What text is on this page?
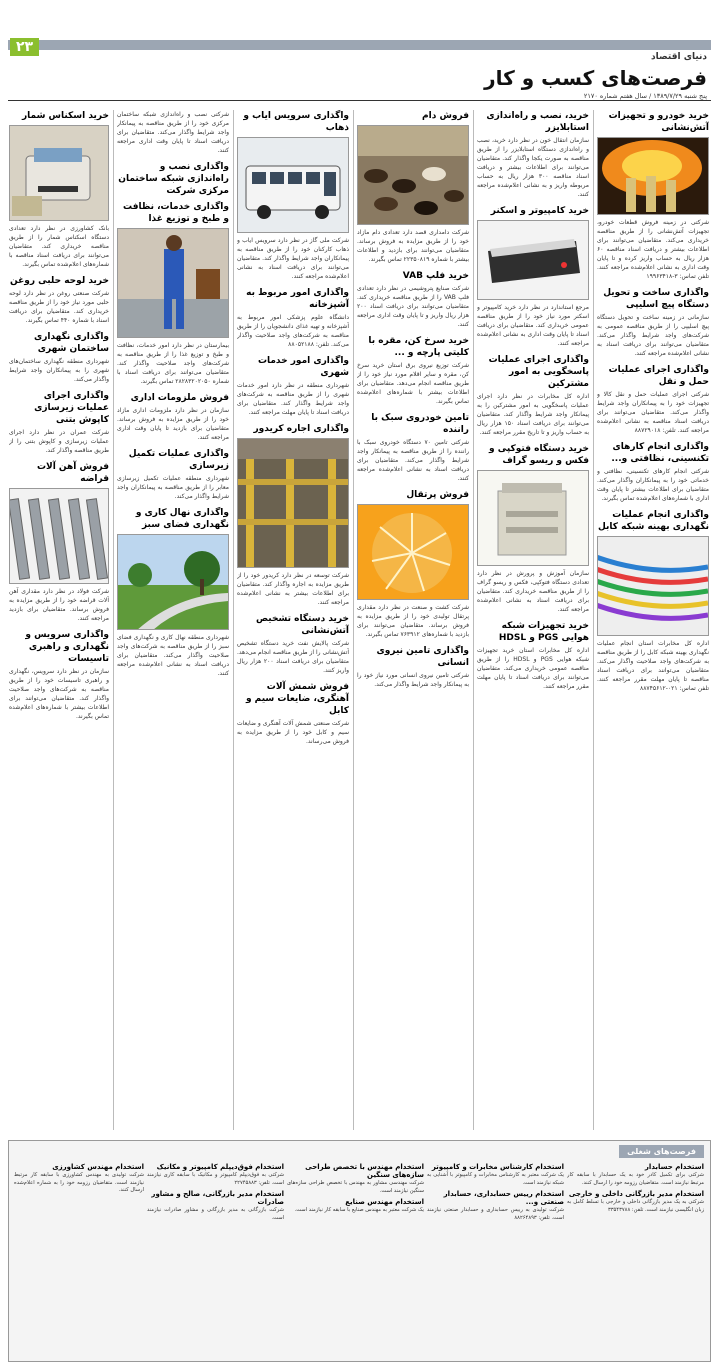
۲۳
دنیای اقتصاد
فرصت‌های کسب و کار
پنج شنبه ۱۳۸۹/۷/۲۹ / سال هفتم شماره ۲۱۷۰
خرید خودرو و تجهیزات آتش‌نشانی
شرکتی در زمینه فروش قطعات خودرو، تجهیزات آتش‌نشانی را از طریق مناقصه خریداری می‌کند. متقاضیان می‌توانند برای اطلاعات بیشتر و دریافت اسناد مناقصه ۶۰ هزار ریال به حساب واریز کرده و تا پایان وقت اداری به نشانی اعلام‌شده مراجعه کنند. تلفن تماس: ۳-۱۹۹۶۳۴۱۸
واگذاری ساخت و تحویل دستگاه پیچ اسلیپی
سازمانی در زمینه ساخت و تحویل دستگاه پیچ اسلیپی را از طریق مناقصه عمومی به شرکت‌های واجد شرایط واگذار می‌کند. متقاضیان می‌توانند برای دریافت اسناد به نشانی اعلام‌شده مراجعه کنند.
واگذاری اجرای عملیات حمل و نقل
شرکتی اجرای عملیات حمل و نقل کالا و تجهیزات خود را به پیمانکاران واجد شرایط واگذار می‌کند. متقاضیان می‌توانند برای دریافت اسناد مناقصه به نشانی اعلام‌شده مراجعه کنند. تلفن: ۸۸۷۲۹۰۱۸
واگذاری انجام کارهای تکنسینی، نظافتی و...
شرکتی انجام کارهای تکنسینی، نظافتی و خدماتی خود را به پیمانکاران واگذار می‌کند. متقاضیان برای اطلاعات بیشتر تا پایان وقت اداری با شماره‌های اعلام‌شده تماس بگیرند.
واگذاری انجام عملیات نگهداری بهینه شبکه کابل
اداره کل مخابرات استان انجام عملیات نگهداری بهینه شبکه کابل را از طریق مناقصه به شرکت‌های واجد صلاحیت واگذار می‌کند. متقاضیان می‌توانند برای دریافت اسناد مناقصه تا پایان مهلت مقرر مراجعه کنند. تلفن تماس: ۰۲۱-۸۸۷۴۵۶۱۲
خرید، نصب و راه‌اندازی استابلایزر
سازمان انتقال خون در نظر دارد خرید، نصب و راه‌اندازی دستگاه استابلایزر را از طریق مناقصه به صورت یکجا واگذار کند. متقاضیان می‌توانند برای اطلاعات بیشتر و دریافت اسناد مناقصه ۳۰۰ هزار ریال به حساب مربوطه واریز و به نشانی اعلام‌شده مراجعه کنند.
خرید کامپیوتر و اسکنر
مرجع استاندارد در نظر دارد خرید کامپیوتر و اسکنر مورد نیاز خود را از طریق مناقصه عمومی خریداری کند. متقاضیان برای دریافت اسناد تا پایان وقت اداری به نشانی اعلام‌شده مراجعه کنند.
واگذاری اجرای عملیات پاسخگویی به امور مشترکین
اداره کل مخابرات در نظر دارد اجرای عملیات پاسخگویی به امور مشترکین را به پیمانکار واجد شرایط واگذار کند. متقاضیان می‌توانند برای دریافت اسناد ۱۵۰ هزار ریال به حساب واریز و تا تاریخ مقرر مراجعه کنند.
خرید دستگاه فتوکپی و فکس و ریسو گراف
سازمان آموزش و پرورش در نظر دارد تعدادی دستگاه فتوکپی، فکس و ریسو گراف را از طریق مناقصه خریداری کند. متقاضیان برای دریافت اسناد به نشانی اعلام‌شده مراجعه کنند.
خرید تجهیزات شبکه هوایی PGS و HDSL
اداره کل مخابرات استان خرید تجهیزات شبکه هوایی PGS و HDSL را از طریق مناقصه عمومی خریداری می‌کند. متقاضیان می‌توانند برای دریافت اسناد تا پایان مهلت مقرر مراجعه کنند.
فروش دام
شرکت دامداری قصد دارد تعدادی دام مازاد خود را از طریق مزایده به فروش برساند. متقاضیان می‌توانند برای بازدید و اطلاعات بیشتر با شماره ۲۲۳۵۰۸۱۹ تماس بگیرند.
خرید فلپ VAB
شرکت صنایع پتروشیمی در نظر دارد تعدادی فلپ VAB را از طریق مناقصه خریداری کند. متقاضیان می‌توانند برای دریافت اسناد ۲۰۰ هزار ریال واریز و تا پایان وقت اداری مراجعه کنند.
خرید سرخ کن، مقره با کلیتی پارچه و ...
شرکت توزیع نیروی برق استان خرید سرخ کن، مقره و سایر اقلام مورد نیاز خود را از طریق مناقصه انجام می‌دهد. متقاضیان برای اطلاعات بیشتر با شماره‌های اعلام‌شده تماس بگیرند.
تامین خودروی سبک با راننده
شرکتی تامین ۷۰ دستگاه خودروی سبک با راننده را از طریق مناقصه به پیمانکار واجد شرایط واگذار می‌کند. متقاضیان برای دریافت اسناد به نشانی اعلام‌شده مراجعه کنند.
فروش پرتقال
شرکت کشت و صنعت در نظر دارد مقداری پرتقال تولیدی خود را از طریق مزایده به فروش برساند. متقاضیان می‌توانند برای بازدید با شماره‌های ۷۶۳۹۱۲ تماس بگیرند.
واگذاری تامین نیروی انسانی
شرکتی تامین نیروی انسانی مورد نیاز خود را به پیمانکار واجد شرایط واگذار می‌کند.
واگذاری سرویس ایاب و ذهاب
شرکت ملی گاز در نظر دارد سرویس ایاب و ذهاب کارکنان خود را از طریق مناقصه به پیمانکاران واجد شرایط واگذار کند. متقاضیان می‌توانند برای دریافت اسناد به نشانی اعلام‌شده مراجعه کنند.
واگذاری امور مربوط به آشپزخانه
دانشگاه علوم پزشکی امور مربوط به آشپزخانه و تهیه غذای دانشجویان را از طریق مناقصه به شرکت‌های واجد صلاحیت واگذار می‌کند. تلفن: ۸۸۰۵۲۱۸۸
واگذاری امور خدمات شهری
شهرداری منطقه در نظر دارد امور خدمات شهری را از طریق مناقصه به شرکت‌های واجد شرایط واگذار کند. متقاضیان برای دریافت اسناد تا پایان مهلت مراجعه کنند.
واگذاری اجاره کریدور
شرکت توسعه در نظر دارد کریدور خود را از طریق مزایده به اجاره واگذار کند. متقاضیان برای اطلاعات بیشتر به نشانی اعلام‌شده مراجعه کنند.
خرید دستگاه تشخیص آتش‌نشانی
شرکت پالایش نفت خرید دستگاه تشخیص آتش‌نشانی را از طریق مناقصه انجام می‌دهد. متقاضیان برای دریافت اسناد ۲۰۰ هزار ریال واریز کنند.
فروش شمش آلات آهنگری، ضایعات سیم و کابل
شرکت صنعتی شمش آلات آهنگری و ضایعات سیم و کابل خود را از طریق مزایده به فروش می‌رساند.
شرکتی نصب و راه‌اندازی شبکه ساختمان مرکزی خود را از طریق مناقصه به پیمانکار واجد شرایط واگذار می‌کند. متقاضیان برای دریافت اسناد تا پایان وقت اداری مراجعه کنند.
واگذاری نصب و راه‌اندازی شبکه ساختمان مرکزی شرکت
واگذاری خدمات، نظافت و طبخ و توزیع غذا
بیمارستان در نظر دارد امور خدمات، نظافت و طبخ و توزیع غذا را از طریق مناقصه به شرکت‌های واجد صلاحیت واگذار کند. متقاضیان می‌توانند برای دریافت اسناد با شماره ۲۸۲۸۳۲۰۲۰۵۰ تماس بگیرند.
فروش ملزومات اداری
سازمان در نظر دارد ملزومات اداری مازاد خود را از طریق مزایده به فروش برساند. متقاضیان برای بازدید تا پایان وقت اداری مراجعه کنند.
واگذاری عملیات تکمیل زیرسازی
شهرداری منطقه عملیات تکمیل زیرسازی معابر را از طریق مناقصه به پیمانکاران واجد شرایط واگذار می‌کند.
واگذاری نهال کاری و نگهداری فضای سبز
شهرداری منطقه نهال کاری و نگهداری فضای سبز را از طریق مناقصه به شرکت‌های واجد صلاحیت واگذار می‌کند. متقاضیان برای دریافت اسناد به نشانی اعلام‌شده مراجعه کنند.
خرید اسکناس شمار
بانک کشاورزی در نظر دارد تعدادی دستگاه اسکناس شمار را از طریق مناقصه خریداری کند. متقاضیان می‌توانند برای دریافت اسناد مناقصه با شماره‌های اعلام‌شده تماس بگیرند.
خرید لوحه حلبی روغن
شرکت صنعتی روغن در نظر دارد لوحه حلبی مورد نیاز خود را از طریق مناقصه خریداری کند. متقاضیان برای دریافت اسناد با شماره ۴۴۰ تماس بگیرند.
واگذاری نگهداری ساختمان شهری
شهرداری منطقه نگهداری ساختمان‌های شهری را به پیمانکاران واجد شرایط واگذار می‌کند.
واگذاری اجرای عملیات زیرسازی کاپوش بتنی
شرکت عمران در نظر دارد اجرای عملیات زیرسازی و کاپوش بتنی را از طریق مناقصه واگذار کند.
فروش آهن آلات قراضه
شرکت فولاد در نظر دارد مقداری آهن آلات قراضه خود را از طریق مزایده به فروش برساند. متقاضیان برای بازدید مراجعه کنند.
واگذاری سرویس و نگهداری و راهبری تاسیسات
سازمان در نظر دارد سرویس، نگهداری و راهبری تاسیسات خود را از طریق مناقصه به شرکت‌های واجد صلاحیت واگذار کند. متقاضیان می‌توانند برای اطلاعات بیشتر با شماره‌های اعلام‌شده تماس بگیرند.
فرصت‌های شغلی
استخدام حسابدار
شرکتی برای تکمیل کادر خود به یک حسابدار با سابقه کار مرتبط نیازمند است. متقاضیان رزومه خود را ارسال کنند.
استخدام مدیر بازرگانی داخلی و خارجی
شرکتی به یک مدیر بازرگانی داخلی و خارجی با تسلط کامل به زبان انگلیسی نیازمند است. تلفن: ۳۳۵۴۳۷۸۸
استخدام کارشناس مخابرات و کامپیوتر
یک شرکت معتبر به کارشناس مخابرات و کامپیوتر با آشنایی به شبکه نیازمند است.
استخدام رییس حسابداری، حسابدار صنعتی و...
شرکت تولیدی به رییس حسابداری و حسابدار صنعتی نیازمند است. تلفن: ۸۸۲۶۴۸۹۳
استخدام مهندس با تخصص طراحی سازه‌های سنگین
شرکت مهندسی مشاور به مهندس با تخصص طراحی سازه‌های سنگین نیازمند است.
استخدام مهندس صنایع
یک شرکت معتبر به مهندس صنایع با سابقه کار نیازمند است.
استخدام فوق‌دیپلم کامپیوتر و مکانیک
شرکتی به فوق‌دیپلم کامپیوتر و مکانیک با سابقه کاری نیازمند است. تلفن: ۲۲۷۴۵۸۸۳
استخدام مدیر بازرگانی، صالح و مشاور صادرات
شرکت بازرگانی به مدیر بازرگانی و مشاور صادرات نیازمند است.
استخدام مهندس کشاورزی
شرکت تولیدی به مهندس کشاورزی با سابقه کار مرتبط نیازمند است. متقاضیان رزومه خود را به شماره اعلام‌شده ارسال کنند.
